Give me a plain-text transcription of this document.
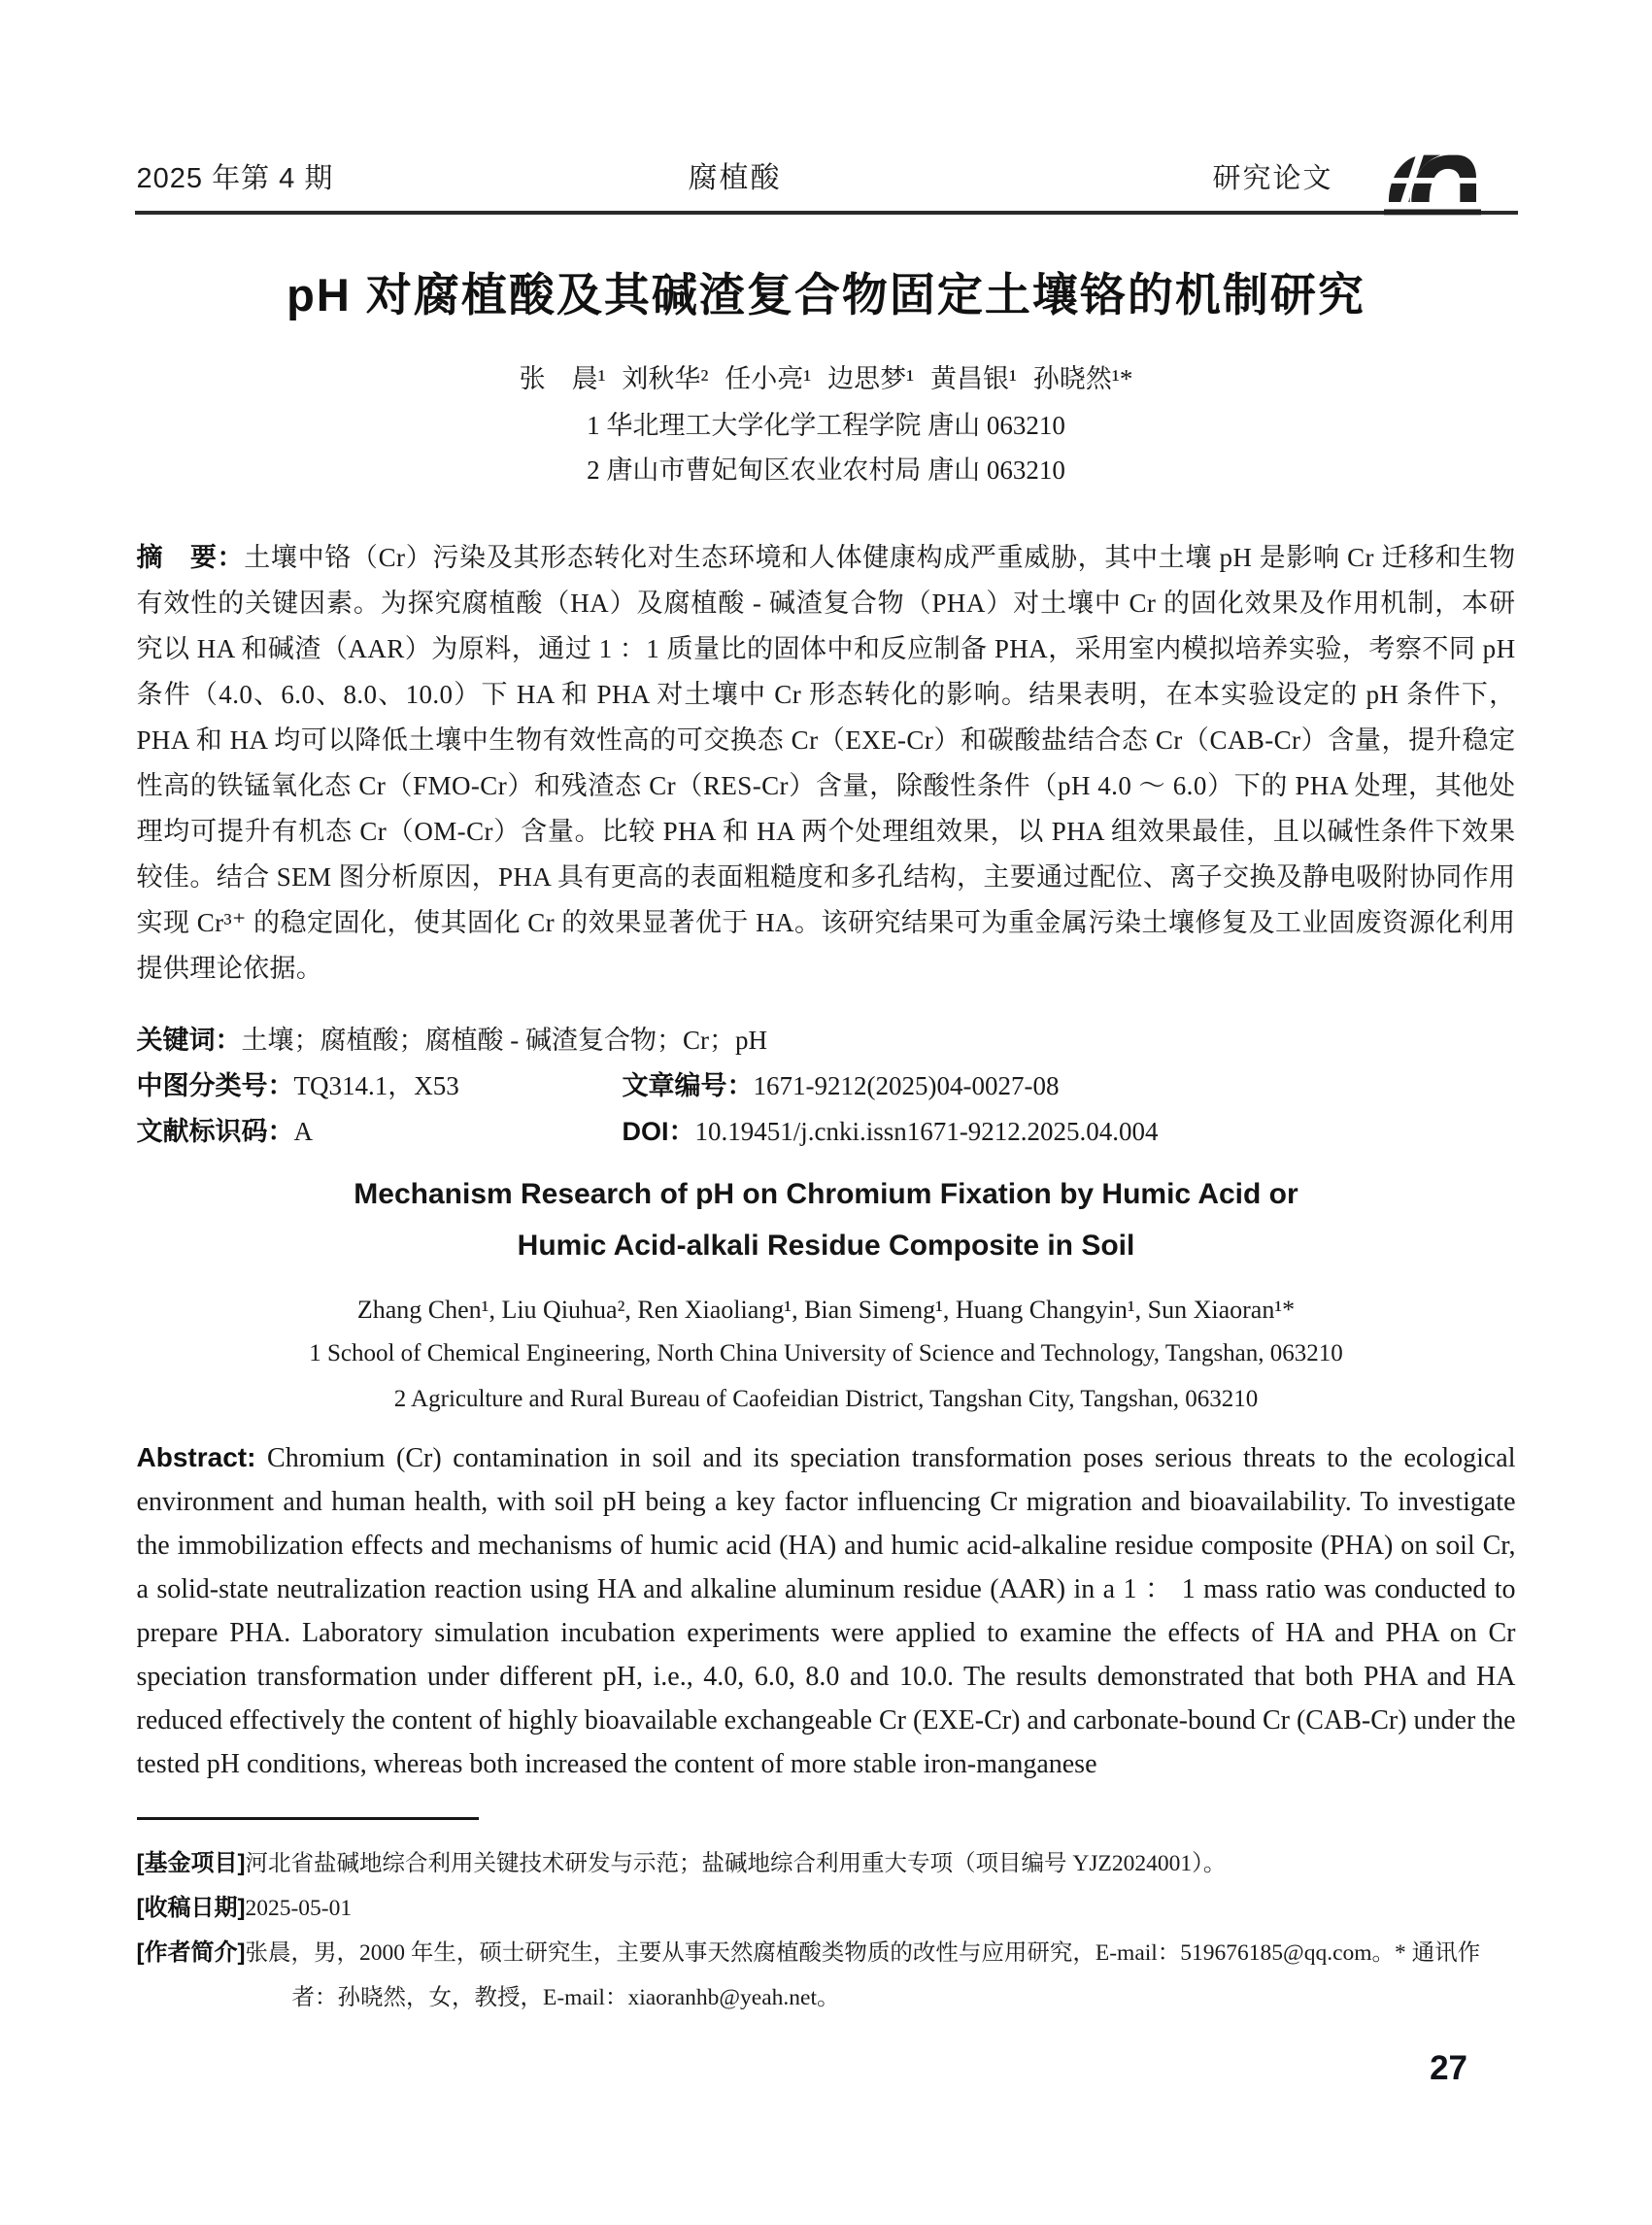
2025 年第 4 期	腐植酸	研究论文
pH 对腐植酸及其碱渣复合物固定土壤铬的机制研究
张　晨¹ 刘秋华² 任小亮¹ 边思梦¹ 黄昌银¹ 孙晓然¹*
1 华北理工大学化学工程学院 唐山 063210
2 唐山市曹妃甸区农业农村局 唐山 063210

摘　要：土壤中铬（Cr）污染及其形态转化对生态环境和人体健康构成严重威胁，其中土壤 pH 是影响 Cr 迁移和生物有效性的关键因素。为探究腐植酸（HA）及腐植酸 - 碱渣复合物（PHA）对土壤中 Cr 的固化效果及作用机制，本研究以 HA 和碱渣（AAR）为原料，通过 1 ：1 质量比的固体中和反应制备 PHA，采用室内模拟培养实验，考察不同 pH 条件（4.0、6.0、8.0、10.0）下 HA 和 PHA 对土壤中 Cr 形态转化的影响。结果表明，在本实验设定的 pH 条件下，PHA 和 HA 均可以降低土壤中生物有效性高的可交换态 Cr（EXE-Cr）和碳酸盐结合态 Cr（CAB-Cr）含量，提升稳定性高的铁锰氧化态 Cr（FMO-Cr）和残渣态 Cr（RES-Cr）含量，除酸性条件（pH 4.0 ～ 6.0）下的 PHA 处理，其他处理均可提升有机态 Cr（OM-Cr）含量。比较 PHA 和 HA 两个处理组效果，以 PHA 组效果最佳，且以碱性条件下效果较佳。结合 SEM 图分析原因，PHA 具有更高的表面粗糙度和多孔结构，主要通过配位、离子交换及静电吸附协同作用实现 Cr³⁺ 的稳定固化，使其固化 Cr 的效果显著优于 HA。该研究结果可为重金属污染土壤修复及工业固废资源化利用提供理论依据。

关键词：土壤；腐植酸；腐植酸 - 碱渣复合物；Cr；pH
中图分类号：TQ314.1，X53	文章编号：1671-9212(2025)04-0027-08
文献标识码：A	DOI：10.19451/j.cnki.issn1671-9212.2025.04.004
Mechanism Research of pH on Chromium Fixation by Humic Acid or
Humic Acid-alkali Residue Composite in Soil
Zhang Chen¹, Liu Qiuhua², Ren Xiaoliang¹, Bian Simeng¹, Huang Changyin¹, Sun Xiaoran¹*
1 School of Chemical Engineering, North China University of Science and Technology, Tangshan, 063210
2 Agriculture and Rural Bureau of Caofeidian District, Tangshan City, Tangshan, 063210

Abstract: Chromium (Cr) contamination in soil and its speciation transformation poses serious threats to the ecological environment and human health, with soil pH being a key factor influencing Cr migration and bioavailability. To investigate the immobilization effects and mechanisms of humic acid (HA) and humic acid-alkaline residue composite (PHA) on soil Cr, a solid-state neutralization reaction using HA and alkaline aluminum residue (AAR) in a 1 ： 1 mass ratio was conducted to prepare PHA. Laboratory simulation incubation experiments were applied to examine the effects of HA and PHA on Cr speciation transformation under different pH, i.e., 4.0, 6.0, 8.0 and 10.0. The results demonstrated that both PHA and HA reduced effectively the content of highly bioavailable exchangeable Cr (EXE-Cr) and carbonate-bound Cr (CAB-Cr) under the tested pH conditions, whereas both increased the content of more stable iron-manganese

[基金项目]河北省盐碱地综合利用关键技术研发与示范；盐碱地综合利用重大专项（项目编号 YJZ2024001）。
[收稿日期]2025-05-01
[作者简介]张晨，男，2000 年生，硕士研究生，主要从事天然腐植酸类物质的改性与应用研究，E-mail：519676185@qq.com。* 通讯作者：孙晓然，女，教授，E-mail：xiaoranhb@yeah.net。
27
